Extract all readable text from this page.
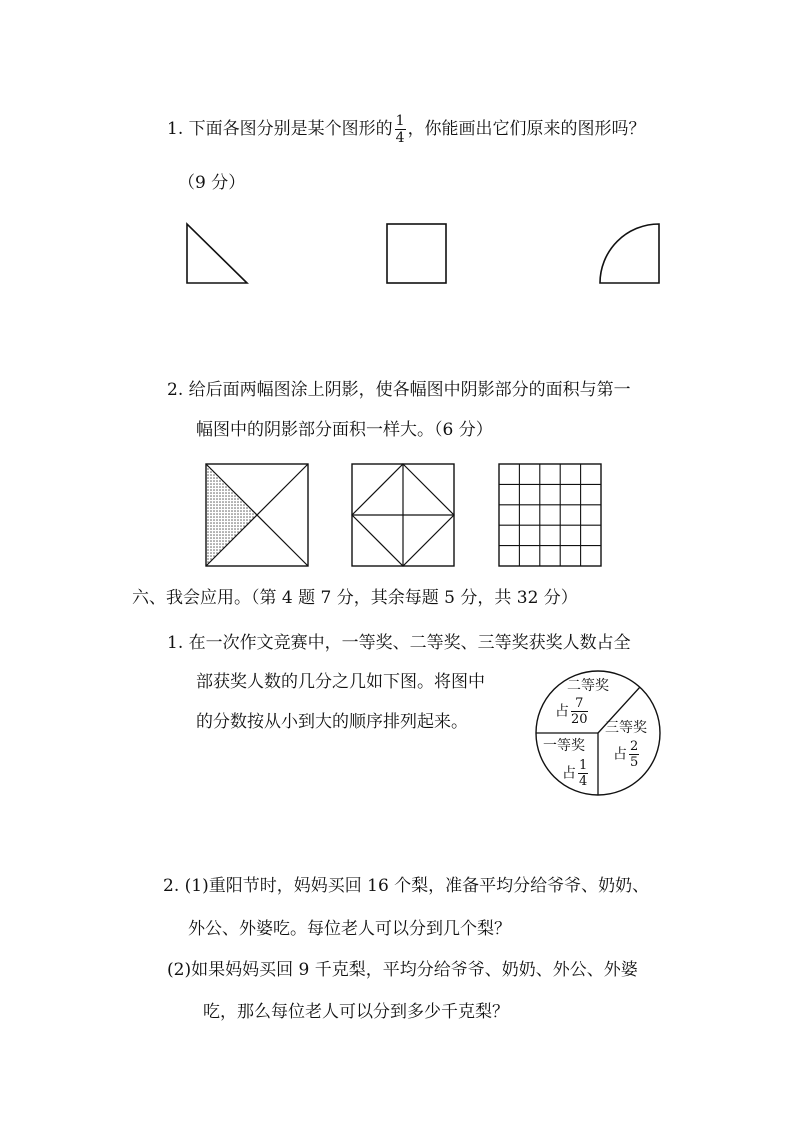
1. 下面各图分别是某个图形的 $\frac{1}{4}$ ，你能画出它们原来的图形吗？
（9 分）
2. 给后面两幅图涂上阴影，使各幅图中阴影部分的面积与第一
幅图中的阴影部分面积一样大。（6 分）
六、我会应用。（第 4 题 7 分，其余每题 5 分，共 32 分）
1. 在一次作文竞赛中，一等奖、二等奖、三等奖获奖人数占全
部获奖人数的几分之几如下图。将图中
的分数按从小到大的顺序排列起来。
二等奖
占 $\frac{7}{20}$
三等奖
占 $\frac{2}{5}$
一等奖
占 $\frac{1}{4}$
2. (1)重阳节时，妈妈买回 16 个梨，准备平均分给爷爷、奶奶、
外公、外婆吃。每位老人可以分到几个梨？
(2)如果妈妈买回 9 千克梨，平均分给爷爷、奶奶、外公、外婆
吃，那么每位老人可以分到多少千克梨？
